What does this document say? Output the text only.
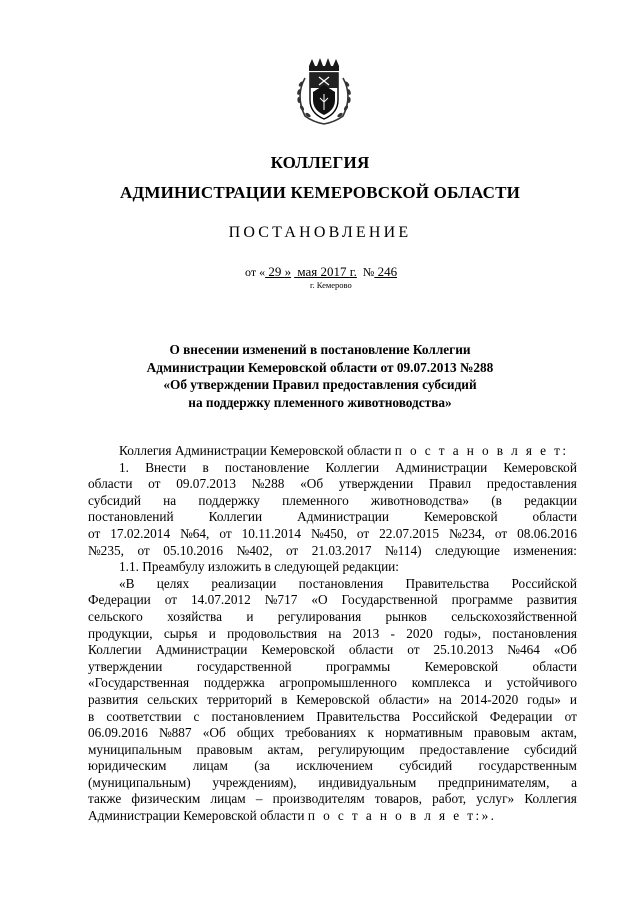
КОЛЛЕГИЯ
АДМИНИСТРАЦИИ КЕМЕРОВСКОЙ ОБЛАСТИ
ПОСТАНОВЛЕНИЕ
от « 29 »  мая 2017 г. № 246
г. Кемерово
О внесении изменений в постановление Коллегии
Администрации Кемеровской области от 09.07.2013 №288
«Об утверждении Правил предоставления субсидий
на поддержку племенного животноводства»
Коллегия Администрации Кемеровской области п о с т а н о в л я е т:
1. Внести в постановление Коллегии Администрации Кемеровской
области от 09.07.2013 №288 «Об утверждении Правил предоставления
субсидий на поддержку племенного животноводства» (в редакции
постановлений	Коллегии	Администрации	Кемеровской	области
от 17.02.2014 №64, от 10.11.2014 №450, от 22.07.2015 №234, от 08.06.2016
№235, от 05.10.2016 №402, от 21.03.2017 №114) следующие изменения:
1.1. Преамбулу изложить в следующей редакции:
«В целях реализации постановления Правительства Российской
Федерации от 14.07.2012 №717 «О Государственной программе развития
сельского хозяйства и регулирования рынков сельскохозяйственной
продукции, сырья и продовольствия на 2013 - 2020 годы», постановления
Коллегии Администрации Кемеровской области от 25.10.2013 №464 «Об
утверждении	государственной	программы	Кемеровской	области
«Государственная поддержка агропромышленного комплекса и устойчивого
развития сельских территорий в Кемеровской области» на 2014-2020 годы» и
в соответствии с постановлением Правительства Российской Федерации от
06.09.2016 №887 «Об общих требованиях к нормативным правовым актам,
муниципальным правовым актам, регулирующим предоставление субсидий
юридическим лицам (за исключением субсидий государственным
(муниципальным) учреждениям), индивидуальным предпринимателям, а
также физическим лицам – производителям товаров, работ, услуг» Коллегия
Администрации Кемеровской области п о с т а н о в л я е т:».
